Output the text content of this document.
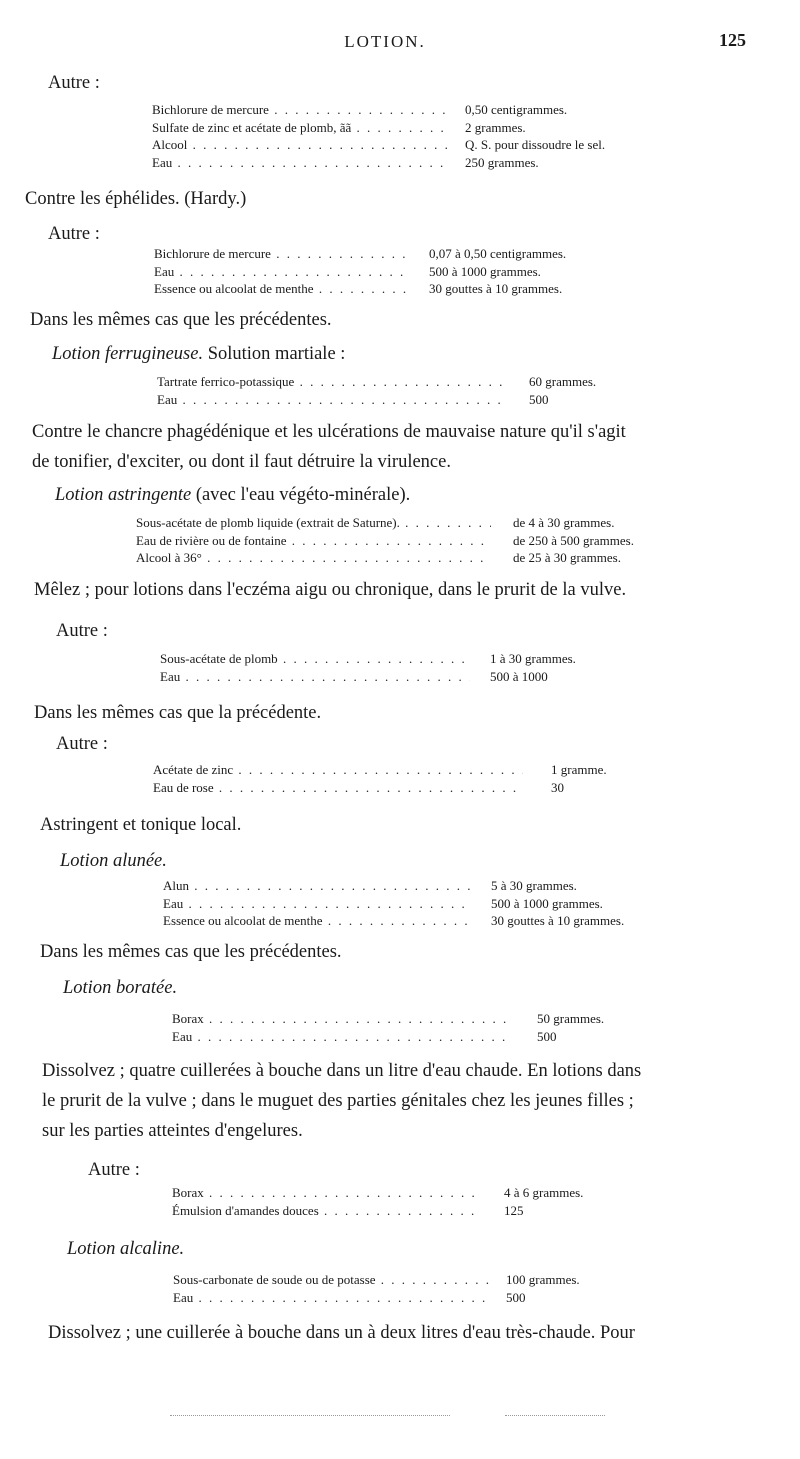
LOTION.	125
Autre :
Bichlorure de mercure . . .	0,50 centigrammes.
Sulfate de zinc et acétate de plomb, ãã . . .	2 grammes.
Alcool . . .	Q. S. pour dissoudre le sel.
Eau . . .	250 grammes.
Contre les éphélides. (Hardy.)
Autre :
Bichlorure de mercure . . .	0,07 à 0,50 centigrammes.
Eau . . .	500 à 1000 grammes.
Essence ou alcoolat de menthe . . .	30 gouttes à 10 grammes.
Dans les mêmes cas que les précédentes.
Lotion ferrugineuse. Solution martiale :
Tartrate ferrico-potassique . . .	60 grammes.
Eau . . .	500
Contre le chancre phagédénique et les ulcérations de mauvaise nature qu'il s'agit
de tonifier, d'exciter, ou dont il faut détruire la virulence.
Lotion astringente (avec l'eau végéto-minérale).
Sous-acétate de plomb liquide (extrait de Saturne). . . .	de 4 à 30 grammes.
Eau de rivière ou de fontaine . . .	de 250 à 500 grammes.
Alcool à 36° . . .	de 25 à 30 grammes.
Mêlez ; pour lotions dans l'eczéma aigu ou chronique, dans le prurit de la vulve.
Autre :
Sous-acétate de plomb . . .	1 à 30 grammes.
Eau . . .	500 à 1000
Dans les mêmes cas que la précédente.
Autre :
Acétate de zinc . . .	1 gramme.
Eau de rose . . .	30
Astringent et tonique local.
Lotion alunée.
Alun . . .	5 à 30 grammes.
Eau . . .	500 à 1000 grammes.
Essence ou alcoolat de menthe . . .	30 gouttes à 10 grammes.
Dans les mêmes cas que les précédentes.
Lotion boratée.
Borax . . .	50 grammes.
Eau . . .	500
Dissolvez ; quatre cuillerées à bouche dans un litre d'eau chaude. En lotions dans
le prurit de la vulve ; dans le muguet des parties génitales chez les jeunes filles ;
sur les parties atteintes d'engelures.
Autre :
Borax . . .	4 à 6 grammes.
Émulsion d'amandes douces . . .	125
Lotion alcaline.
Sous-carbonate de soude ou de potasse . . .	100 grammes.
Eau . . .	500
Dissolvez ; une cuillerée à bouche dans un à deux litres d'eau très-chaude. Pour
